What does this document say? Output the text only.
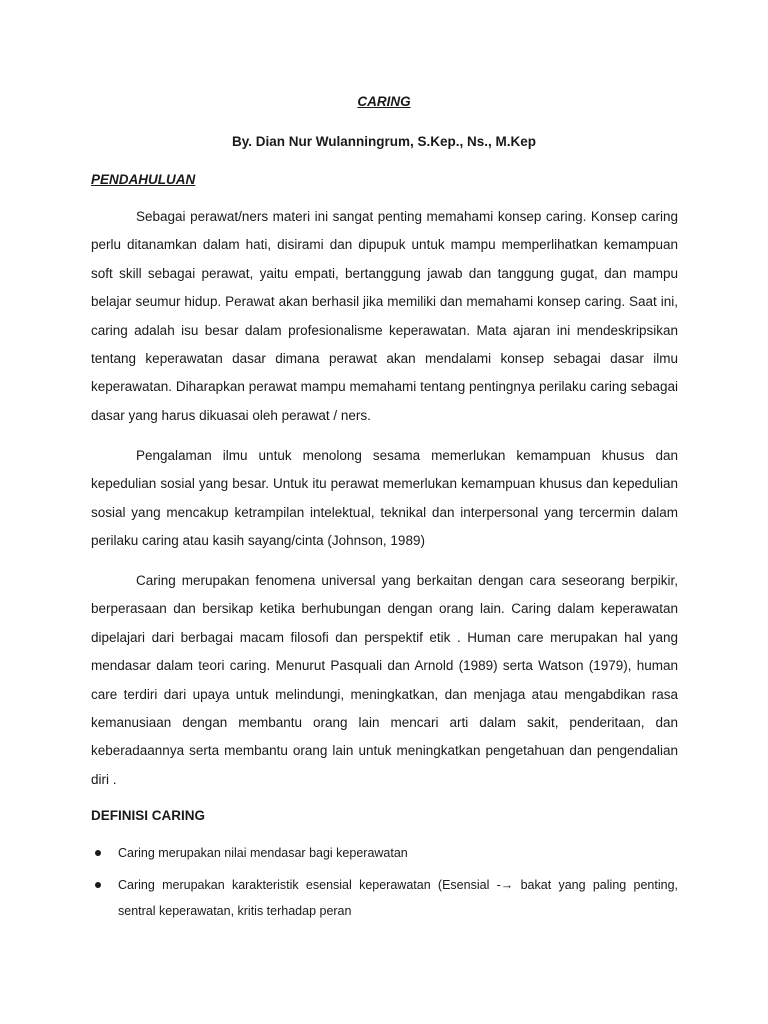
CARING
By. Dian Nur Wulanningrum, S.Kep., Ns., M.Kep
PENDAHULUAN

Sebagai perawat/ners materi ini sangat penting memahami konsep caring. Konsep caring perlu ditanamkan dalam hati, disirami dan dipupuk untuk mampu memperlihatkan kemampuan soft skill sebagai perawat, yaitu empati, bertanggung jawab dan tanggung gugat, dan mampu belajar seumur hidup. Perawat akan berhasil jika memiliki dan memahami konsep caring. Saat ini, caring adalah isu besar dalam profesionalisme keperawatan. Mata ajaran ini mendeskripsikan tentang keperawatan dasar dimana perawat akan mendalami konsep sebagai dasar ilmu keperawatan. Diharapkan perawat mampu memahami tentang pentingnya perilaku caring sebagai dasar yang harus dikuasai oleh perawat / ners.

Pengalaman ilmu untuk menolong sesama memerlukan kemampuan khusus dan kepedulian sosial yang besar. Untuk itu perawat memerlukan kemampuan khusus dan kepedulian sosial yang mencakup ketrampilan intelektual, teknikal dan interpersonal yang tercermin dalam perilaku caring atau kasih sayang/cinta (Johnson, 1989)

Caring merupakan fenomena universal yang berkaitan dengan cara seseorang berpikir, berperasaan dan bersikap ketika berhubungan dengan orang lain. Caring dalam keperawatan dipelajari dari berbagai macam filosofi dan perspektif etik . Human care merupakan hal yang mendasar dalam teori caring. Menurut Pasquali dan Arnold (1989) serta Watson (1979), human care terdiri dari upaya untuk melindungi, meningkatkan, dan menjaga atau mengabdikan rasa kemanusiaan dengan membantu orang lain mencari arti dalam sakit, penderitaan, dan keberadaannya serta membantu orang lain untuk meningkatkan pengetahuan dan pengendalian diri .

DEFINISI CARING
Caring merupakan nilai mendasar bagi keperawatan
Caring merupakan karakteristik esensial keperawatan (Esensial -→ bakat yang paling penting, sentral keperawatan, kritis terhadap peran
